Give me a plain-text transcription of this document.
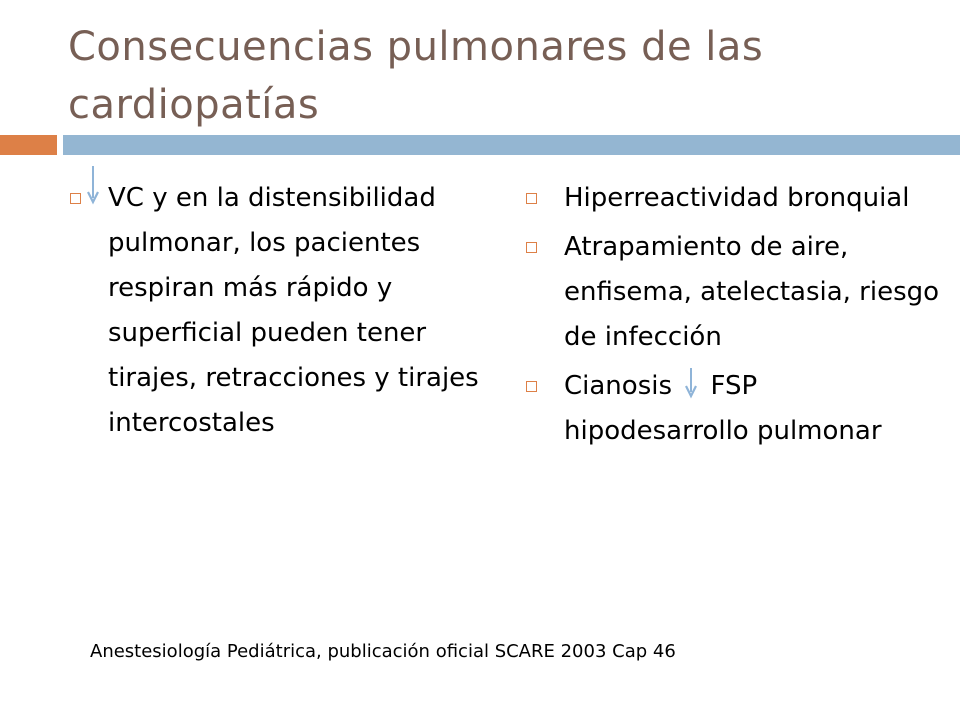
Consecuencias pulmonares de las cardiopatías
VC y en la distensibilidad pulmonar, los pacientes respiran más rápido y superficial pueden tener tirajes, retracciones y tirajes intercostales
Hiperreactividad bronquial
Atrapamiento de aire, enfisema, atelectasia, riesgo de infección
Cianosis FSP hipodesarrollo pulmonar
Anestesiología Pediátrica, publicación oficial SCARE 2003 Cap 46
